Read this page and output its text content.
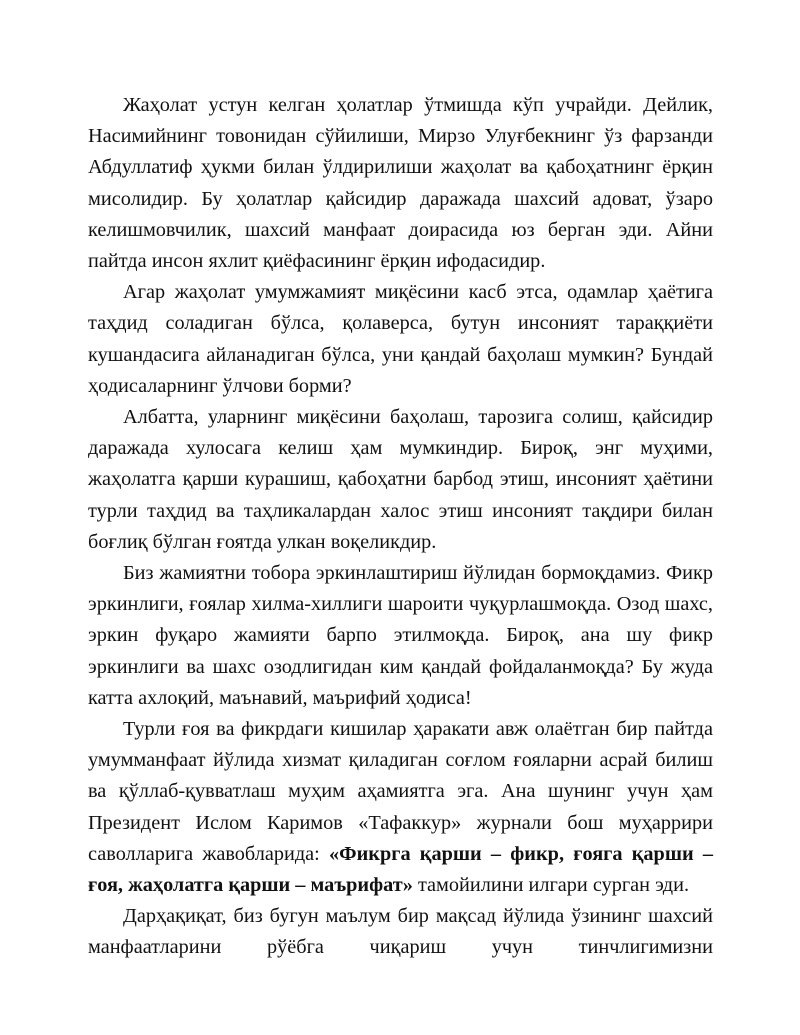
Жаҳолат устун келган ҳолатлар ўтмишда кўп учрайди. Дейлик, Насимийнинг товонидан сўйилиши, Мирзо Улуғбекнинг ўз фарзанди Абдуллатиф ҳукми билан ўлдирилиши жаҳолат ва қабоҳатнинг ёрқин мисолидир. Бу ҳолатлар қайсидир даражада шахсий адоват, ўзаро келишмовчилик, шахсий манфаат доирасида юз берган эди. Айни пайтда инсон яхлит қиёфасининг ёрқин ифодасидир.

Агар жаҳолат умумжамият миқёсини касб этса, одамлар ҳаётига таҳдид соладиган бўлса, қолаверса, бутун инсоният тараққиёти кушандасига айланадиган бўлса, уни қандай баҳолаш мумкин? Бундай ҳодисаларнинг ўлчови борми?

Албатта, уларнинг миқёсини баҳолаш, тарозига солиш, қайсидир даражада хулосага келиш ҳам мумкиндир. Бироқ, энг муҳими, жаҳолатга қарши курашиш, қабоҳатни барбод этиш, инсоният ҳаётини турли таҳдид ва таҳликалардан халос этиш инсоният тақдири билан боғлиқ бўлган ғоятда улкан воқеликдир.

Биз жамиятни тобора эркинлаштириш йўлидан бормоқдамиз. Фикр эркинлиги, ғоялар хилма-хиллиги шароити чуқурлашмоқда. Озод шахс, эркин фуқаро жамияти барпо этилмоқда. Бироқ, ана шу фикр эркинлиги ва шахс озодлигидан ким қандай фойдаланмоқда? Бу жуда катта ахлоқий, маънавий, маърифий ҳодиса!

Турли ғоя ва фикрдаги кишилар ҳаракати авж олаётган бир пайтда умумманфаат йўлида хизмат қиладиган соғлом ғояларни асрай билиш ва қўллаб-қувватлаш муҳим аҳамиятга эга. Ана шунинг учун ҳам Президент Ислом Каримов «Тафаккур» журнали бош муҳаррири саволларига жавобларида: «Фикрга қарши – фикр, ғояга қарши – ғоя, жаҳолатга қарши – маърифат» тамойилини илгари сурган эди.

Дарҳақиқат, биз бугун маълум бир мақсад йўлида ўзининг шахсий манфаатларини рўёбга чиқариш учун тинчлигимизни
